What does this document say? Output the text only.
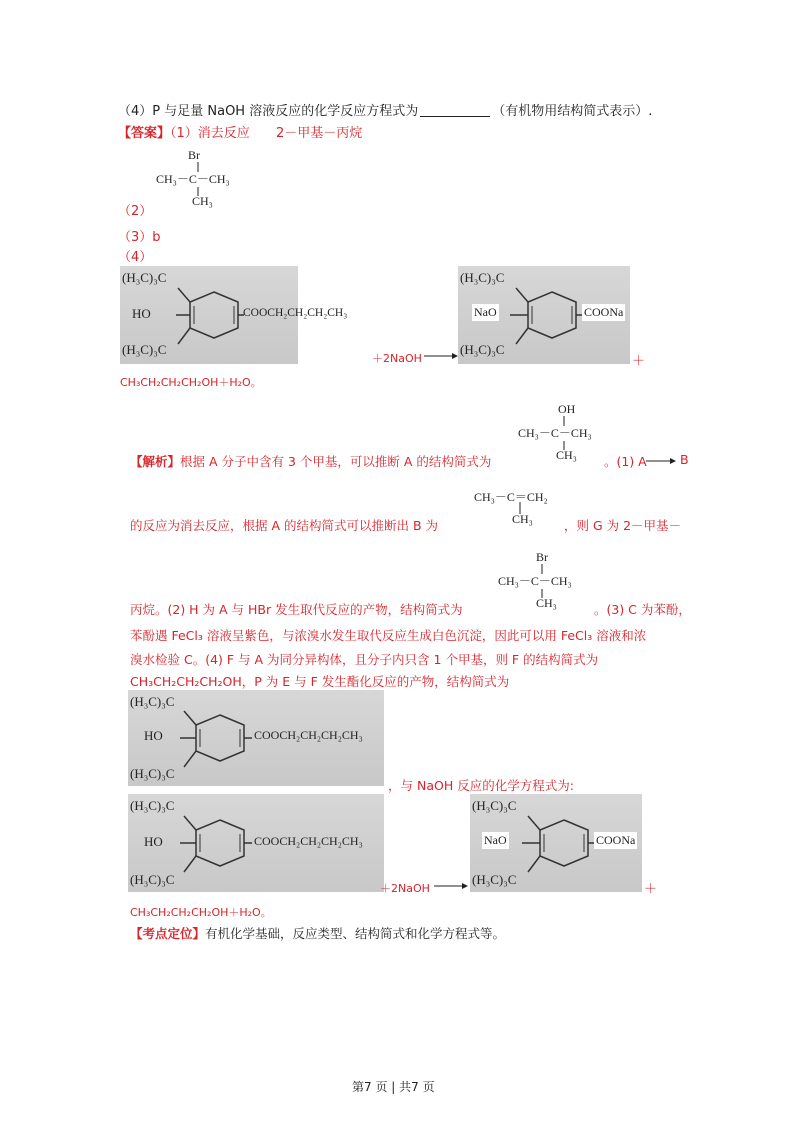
（4）P 与足量 NaOH 溶液反应的化学反应方程式为	（有机物用结构简式表示）.
【答案】（1）消去反应 2－甲基－丙烷
Br
CH₃－C－CH₃
CH₃
（2）
（3）b
（4）
(H₃C)₃C
HO
(H₃C)₃C
COOCH₂CH₂CH₂CH₃
(H₃C)₃C
NaO
(H₃C)₃C
COONa
＋2NaOH	＋
CH₃CH₂CH₂CH₂OH＋H₂O。
OH
CH₃－C－CH₃
CH₃
【解析】根据 A 分子中含有 3 个甲基，可以推断 A 的结构简式为	。(1) A	B
CH₃－C＝CH₂
CH₃
的反应为消去反应，根据 A 的结构简式可以推断出 B 为	，则 G 为 2－甲基－
Br
CH₃－C－CH₃
CH₃
丙烷。(2) H 为 A 与 HBr 发生取代反应的产物，结构简式为	。(3) C 为苯酚，
苯酚遇 FeCl₃ 溶液呈紫色，与浓溴水发生取代反应生成白色沉淀，因此可以用 FeCl₃ 溶液和浓
溴水检验 C。(4) F 与 A 为同分异构体，且分子内只含 1 个甲基，则 F 的结构简式为
CH₃CH₂CH₂CH₂OH，P 为 E 与 F 发生酯化反应的产物，结构简式为
(H₃C)₃C
HO
(H₃C)₃C
COOCH₂CH₂CH₂CH₃
，与 NaOH 反应的化学方程式为:
(H₃C)₃C
HO
(H₃C)₃C
COOCH₂CH₂CH₂CH₃
(H₃C)₃C
NaO
(H₃C)₃C
COONa
＋2NaOH	＋
CH₃CH₂CH₂CH₂OH＋H₂O。
【考点定位】有机化学基础，反应类型、结构简式和化学方程式等。
第7 页 | 共7 页
